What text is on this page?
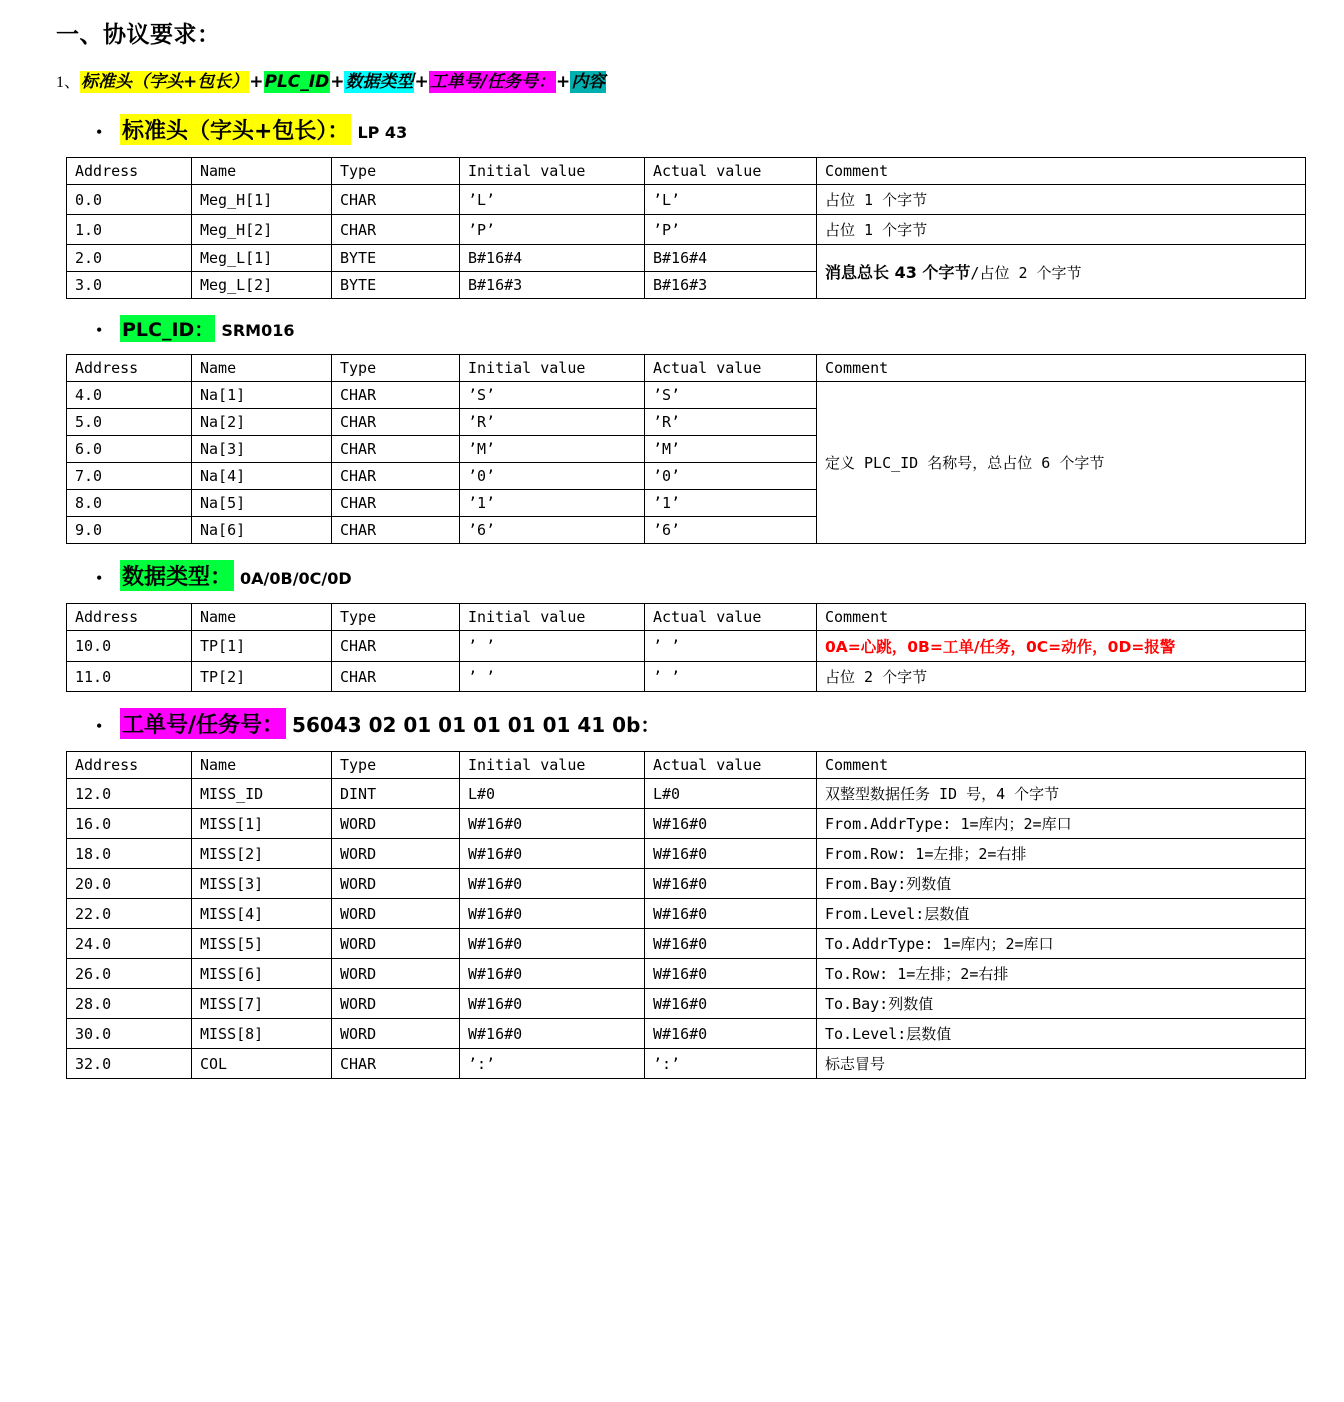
一、协议要求：
1、标准头（字头+包长）+PLC_ID+数据类型+工单号/任务号：+内容
• 标准头（字头+包长）： LP 43
Address	Name	Type	Initial value	Actual value	Comment
0.0	Meg_H[1]	CHAR	’L’	’L’	占位 1 个字节
1.0	Meg_H[2]	CHAR	’P’	’P’	占位 1 个字节
2.0	Meg_L[1]	BYTE	B#16#4	B#16#4	消息总长 43 个字节/占位 2 个字节
3.0	Meg_L[2]	BYTE	B#16#3	B#16#3	
•	PLC_ID： SRM016
Address	Name	Type	Initial value	Actual value	Comment
4.0	Na[1]	CHAR	’S’	’S’	定义 PLC_ID 名称号，总占位 6 个字节
5.0	Na[2]	CHAR	’R’	’R’	
6.0	Na[3]	CHAR	’M’	’M’	
7.0	Na[4]	CHAR	’0’	’0’	
8.0	Na[5]	CHAR	’1’	’1’	
9.0	Na[6]	CHAR	’6’	’6’	
• 数据类型： 0A/0B/0C/0D
Address	Name	Type	Initial value	Actual value	Comment
10.0	TP[1]	CHAR	’ ’	’ ’	0A=心跳，0B=工单/任务，0C=动作，0D=报警
11.0	TP[2]	CHAR	’ ’	’ ’	占位 2 个字节
• 工单号/任务号： 56043 02 01 01 01 01 01 41 0b：
Address	Name	Type	Initial value	Actual value	Comment
12.0	MISS_ID	DINT	L#0	L#0	双整型数据任务 ID 号，4 个字节
16.0	MISS[1]	WORD	W#16#0	W#16#0	From.AddrType: 1=库内；2=库口
18.0	MISS[2]	WORD	W#16#0	W#16#0	From.Row: 1=左排；2=右排
20.0	MISS[3]	WORD	W#16#0	W#16#0	From.Bay:列数值
22.0	MISS[4]	WORD	W#16#0	W#16#0	From.Level:层数值
24.0	MISS[5]	WORD	W#16#0	W#16#0	To.AddrType: 1=库内；2=库口
26.0	MISS[6]	WORD	W#16#0	W#16#0	To.Row: 1=左排；2=右排
28.0	MISS[7]	WORD	W#16#0	W#16#0	To.Bay:列数值
30.0	MISS[8]	WORD	W#16#0	W#16#0	To.Level:层数值
32.0	COL	CHAR	’:’	’:’	标志冒号
